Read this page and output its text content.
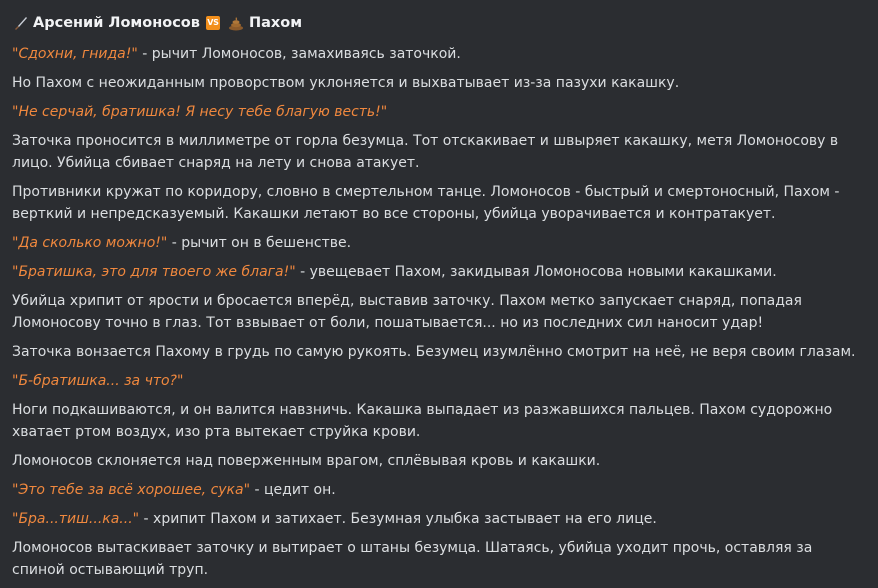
Арсений Ломоносов VS Пахом
"Сдохни, гнида!" - рычит Ломоносов, замахиваясь заточкой.
Но Пахом с неожиданным проворством уклоняется и выхватывает из-за пазухи какашку.
"Не серчай, братишка! Я несу тебе благую весть!"
Заточка проносится в миллиметре от горла безумца. Тот отскакивает и швыряет какашку, метя Ломоносову в лицо. Убийца сбивает снаряд на лету и снова атакует.
Противники кружат по коридору, словно в смертельном танце. Ломоносов - быстрый и смертоносный, Пахом - верткий и непредсказуемый. Какашки летают во все стороны, убийца уворачивается и контратакует.
"Да сколько можно!" - рычит он в бешенстве.
"Братишка, это для твоего же блага!" - увещевает Пахом, закидывая Ломоносова новыми какашками.
Убийца хрипит от ярости и бросается вперёд, выставив заточку. Пахом метко запускает снаряд, попадая Ломоносову точно в глаз. Тот взвывает от боли, пошатывается... но из последних сил наносит удар!
Заточка вонзается Пахому в грудь по самую рукоять. Безумец изумлённо смотрит на неё, не веря своим глазам.
"Б-братишка... за что?"
Ноги подкашиваются, и он валится навзничь. Какашка выпадает из разжавшихся пальцев. Пахом судорожно хватает ртом воздух, изо рта вытекает струйка крови.
Ломоносов склоняется над поверженным врагом, сплёвывая кровь и какашки.
"Это тебе за всё хорошее, сука" - цедит он.
"Бра...тиш...ка..." - хрипит Пахом и затихает. Безумная улыбка застывает на его лице.
Ломоносов вытаскивает заточку и вытирает о штаны безумца. Шатаясь, убийца уходит прочь, оставляя за спиной остывающий труп.
